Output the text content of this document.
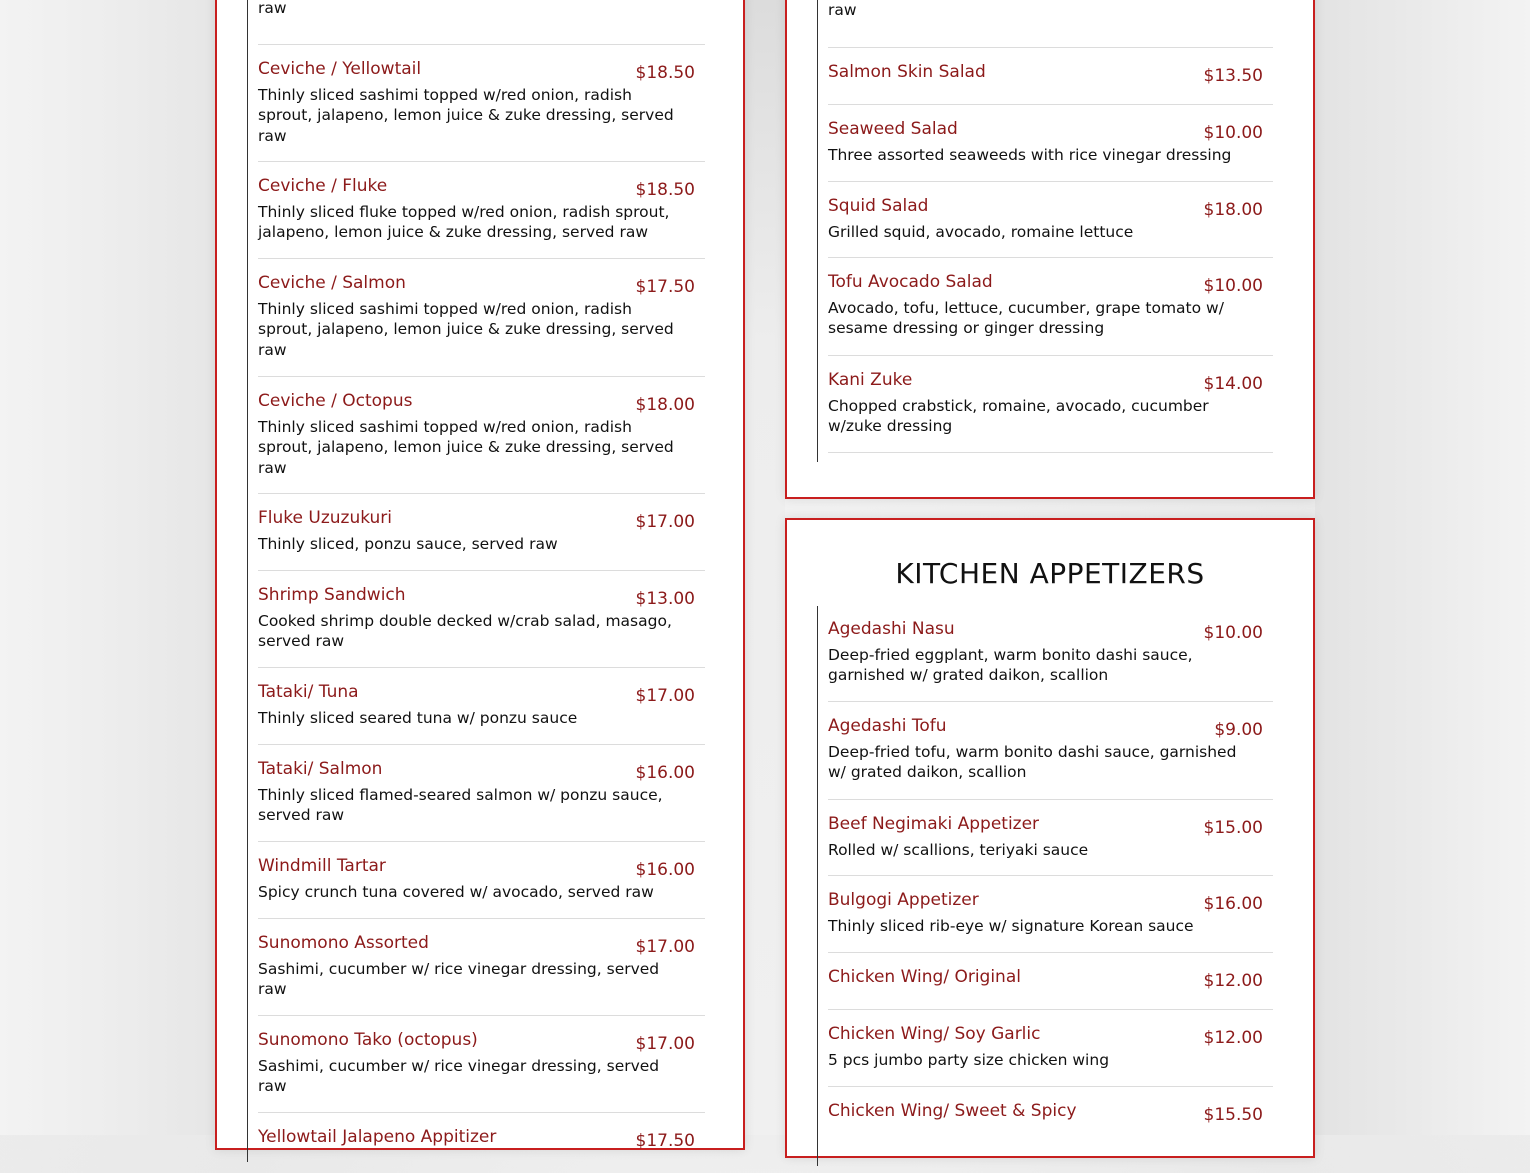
raw
Ceviche / Yellowtail	$18.50
Thinly sliced sashimi topped w/red onion, radish sprout, jalapeno, lemon juice & zuke dressing, served raw
Ceviche / Fluke	$18.50
Thinly sliced fluke topped w/red onion, radish sprout, jalapeno, lemon juice & zuke dressing, served raw
Ceviche / Salmon	$17.50
Thinly sliced sashimi topped w/red onion, radish sprout, jalapeno, lemon juice & zuke dressing, served raw
Ceviche / Octopus	$18.00
Thinly sliced sashimi topped w/red onion, radish sprout, jalapeno, lemon juice & zuke dressing, served raw
Fluke Uzuzukuri	$17.00
Thinly sliced, ponzu sauce, served raw
Shrimp Sandwich	$13.00
Cooked shrimp double decked w/crab salad, masago, served raw
Tataki/ Tuna	$17.00
Thinly sliced seared tuna w/ ponzu sauce
Tataki/ Salmon	$16.00
Thinly sliced flamed-seared salmon w/ ponzu sauce, served raw
Windmill Tartar	$16.00
Spicy crunch tuna covered w/ avocado, served raw
Sunomono Assorted	$17.00
Sashimi, cucumber w/ rice vinegar dressing, served raw
Sunomono Tako (octopus)	$17.00
Sashimi, cucumber w/ rice vinegar dressing, served raw
Yellowtail Jalapeno Appitizer	$17.50
raw
Salmon Skin Salad	$13.50
Seaweed Salad	$10.00
Three assorted seaweeds with rice vinegar dressing
Squid Salad	$18.00
Grilled squid, avocado, romaine lettuce
Tofu Avocado Salad	$10.00
Avocado, tofu, lettuce, cucumber, grape tomato w/ sesame dressing or ginger dressing
Kani Zuke	$14.00
Chopped crabstick, romaine, avocado, cucumber w/zuke dressing
KITCHEN APPETIZERS
Agedashi Nasu	$10.00
Deep-fried eggplant, warm bonito dashi sauce, garnished w/ grated daikon, scallion
Agedashi Tofu	$9.00
Deep-fried tofu, warm bonito dashi sauce, garnished w/ grated daikon, scallion
Beef Negimaki Appetizer	$15.00
Rolled w/ scallions, teriyaki sauce
Bulgogi Appetizer	$16.00
Thinly sliced rib-eye w/ signature Korean sauce
Chicken Wing/ Original	$12.00
Chicken Wing/ Soy Garlic	$12.00
5 pcs jumbo party size chicken wing
Chicken Wing/ Sweet & Spicy	$15.50
